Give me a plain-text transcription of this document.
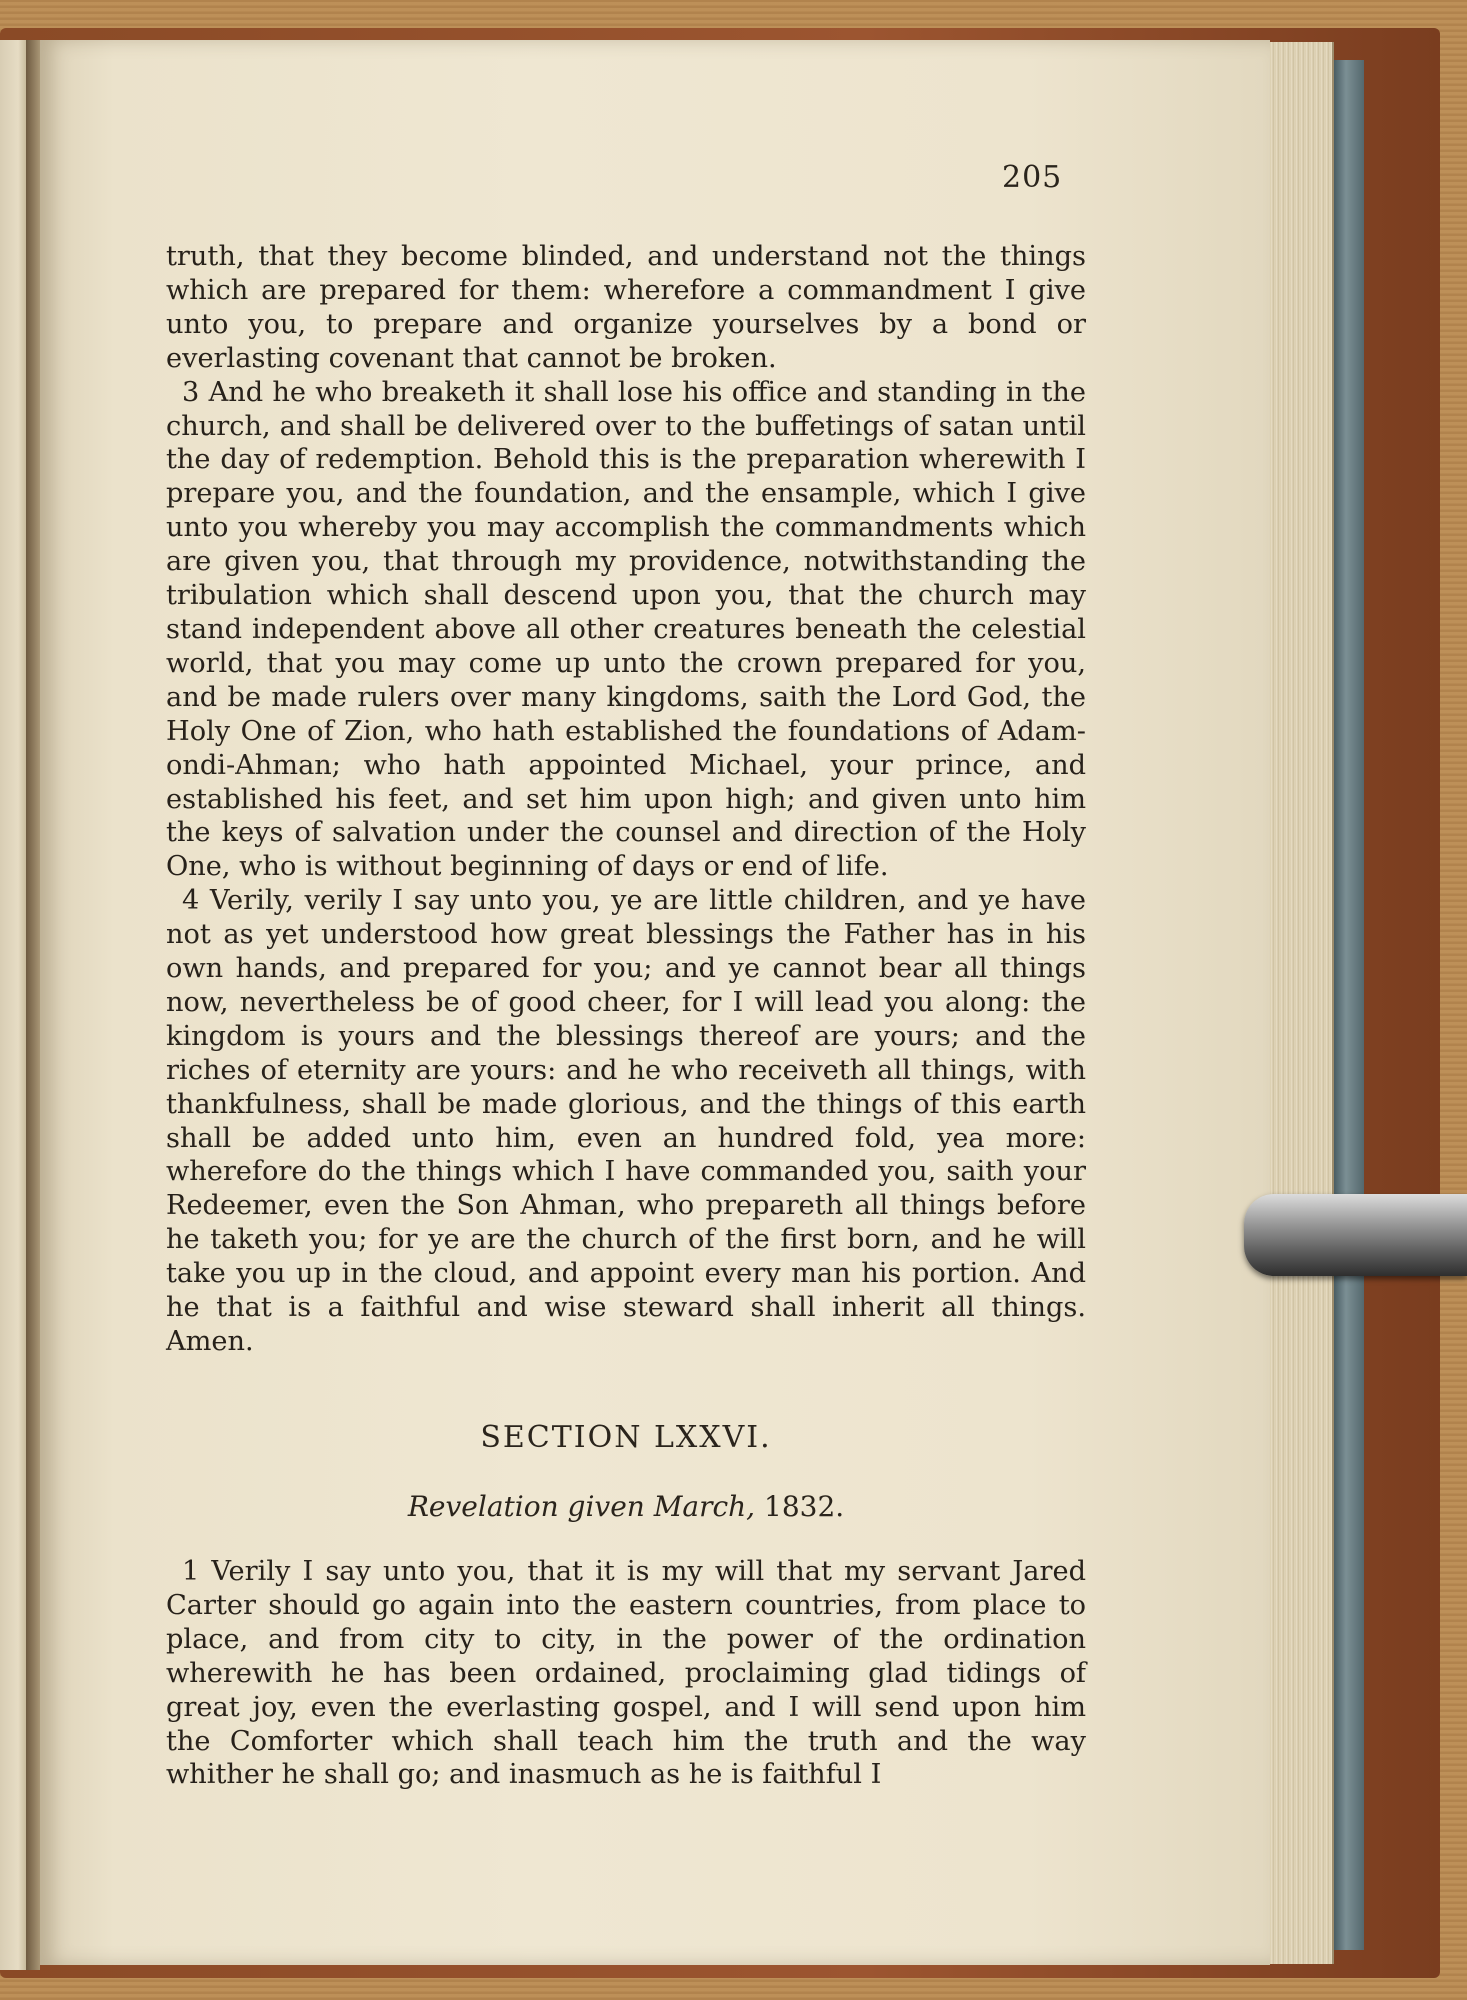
205

truth, that they become blinded, and understand not the things which are prepared for them: wherefore a commandment I give unto you, to prepare and organize yourselves by a bond or everlasting covenant that cannot be broken.

3 And he who breaketh it shall lose his office and standing in the church, and shall be delivered over to the buffetings of satan until the day of redemption. Behold this is the preparation wherewith I prepare you, and the foundation, and the ensample, which I give unto you whereby you may accomplish the commandments which are given you, that through my providence, notwithstanding the tribulation which shall descend upon you, that the church may stand independent above all other creatures beneath the celestial world, that you may come up unto the crown prepared for you, and be made rulers over many kingdoms, saith the Lord God, the Holy One of Zion, who hath established the foundations of Adam-ondi-Ahman; who hath appointed Michael, your prince, and established his feet, and set him upon high; and given unto him the keys of salvation under the counsel and direction of the Holy One, who is without beginning of days or end of life.

4 Verily, verily I say unto you, ye are little children, and ye have not as yet understood how great blessings the Father has in his own hands, and prepared for you; and ye cannot bear all things now, nevertheless be of good cheer, for I will lead you along: the kingdom is yours and the blessings thereof are yours; and the riches of eternity are yours: and he who receiveth all things, with thankfulness, shall be made glorious, and the things of this earth shall be added unto him, even an hundred fold, yea more: wherefore do the things which I have commanded you, saith your Redeemer, even the Son Ahman, who prepareth all things before he taketh you; for ye are the church of the first born, and he will take you up in the cloud, and appoint every man his portion. And he that is a faithful and wise steward shall inherit all things. Amen.

SECTION LXXVI.
Revelation given March, 1832.

1 Verily I say unto you, that it is my will that my servant Jared Carter should go again into the eastern countries, from place to place, and from city to city, in the power of the ordination wherewith he has been ordained, proclaiming glad tidings of great joy, even the everlasting gospel, and I will send upon him the Comforter which shall teach him the truth and the way whither he shall go; and inasmuch as he is faithful I
